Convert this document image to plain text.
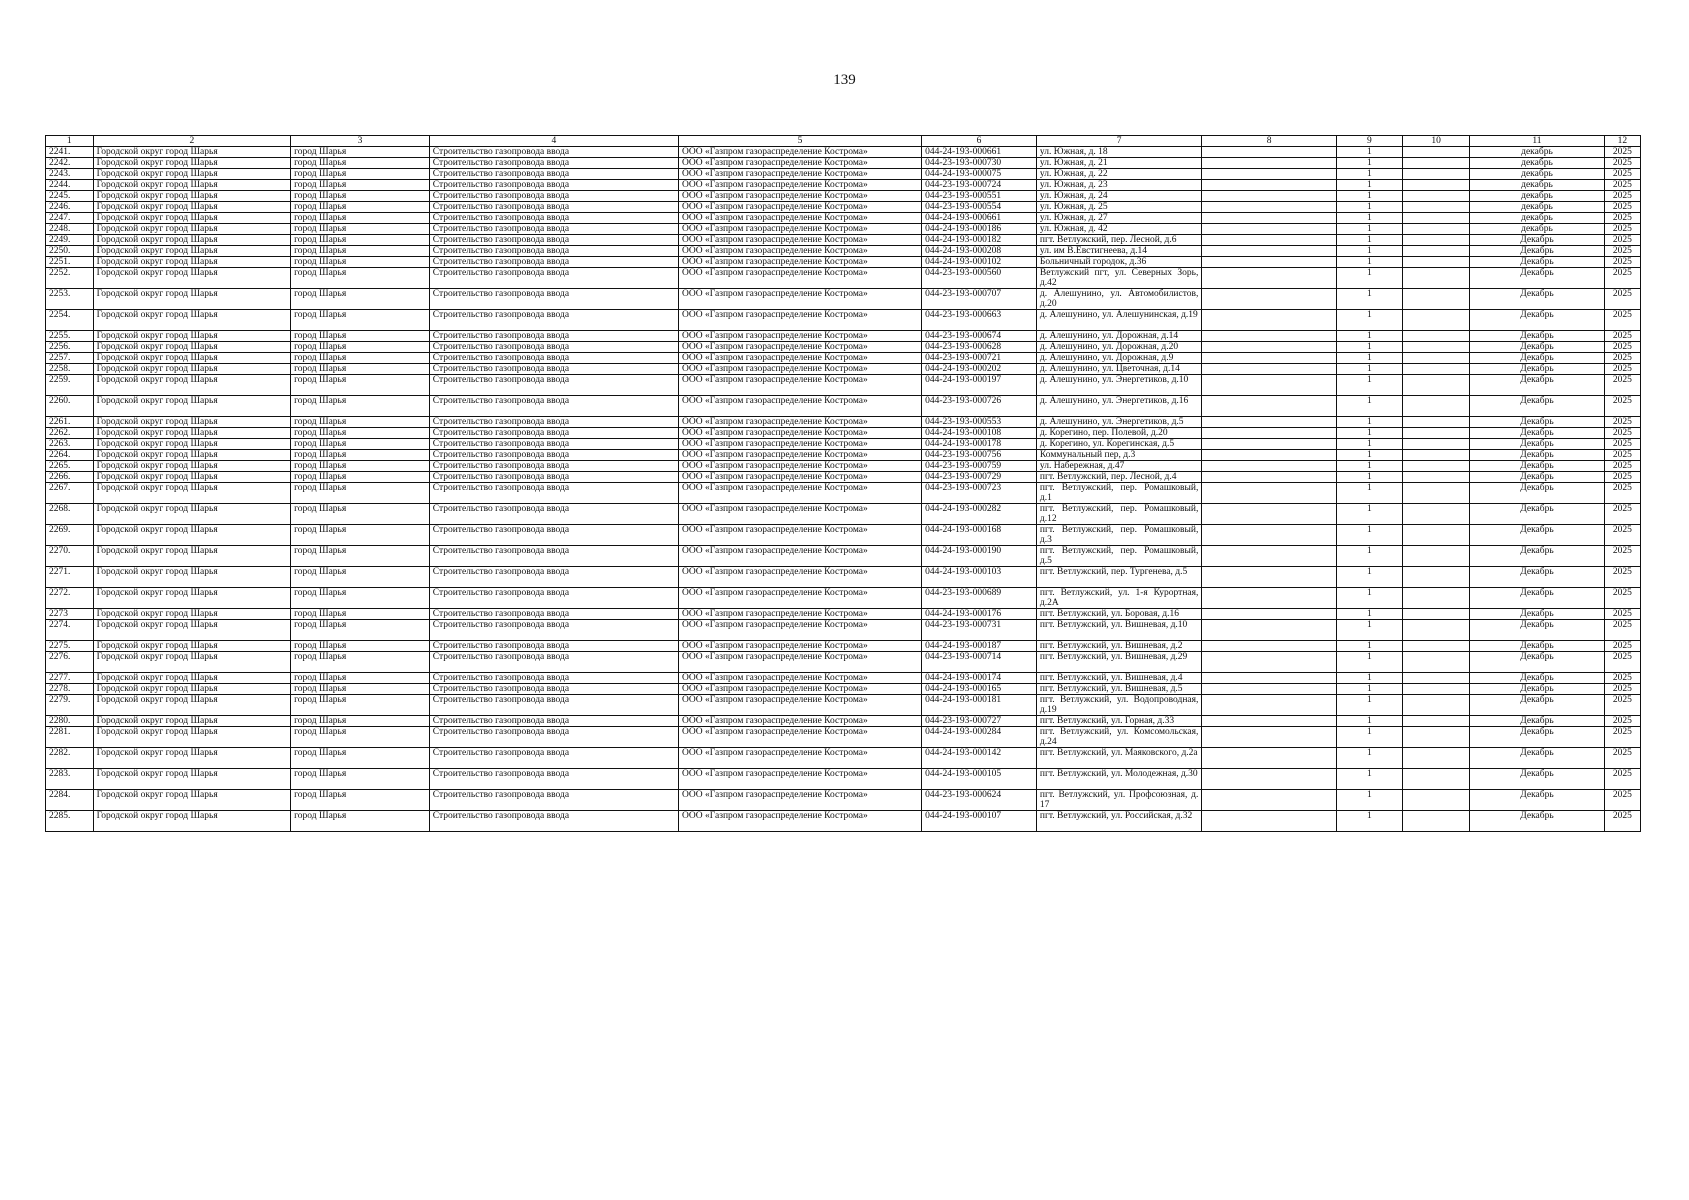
139
1	2	3	4	5	6	7	8	9	10	11	12
2241.	Городской округ город Шарья	город Шарья	Строительство газопровода ввода	ООО «Газпром газораспределение Кострома»	044-24-193-000661	ул. Южная, д. 18		1		декабрь	2025
2242.	Городской округ город Шарья	город Шарья	Строительство газопровода ввода	ООО «Газпром газораспределение Кострома»	044-23-193-000730	ул. Южная, д. 21		1		декабрь	2025
2243.	Городской округ город Шарья	город Шарья	Строительство газопровода ввода	ООО «Газпром газораспределение Кострома»	044-24-193-000075	ул. Южная, д. 22		1		декабрь	2025
2244.	Городской округ город Шарья	город Шарья	Строительство газопровода ввода	ООО «Газпром газораспределение Кострома»	044-23-193-000724	ул. Южная, д. 23		1		декабрь	2025
2245.	Городской округ город Шарья	город Шарья	Строительство газопровода ввода	ООО «Газпром газораспределение Кострома»	044-23-193-000551	ул. Южная, д. 24		1		декабрь	2025
2246.	Городской округ город Шарья	город Шарья	Строительство газопровода ввода	ООО «Газпром газораспределение Кострома»	044-23-193-000554	ул. Южная, д. 25		1		декабрь	2025
2247.	Городской округ город Шарья	город Шарья	Строительство газопровода ввода	ООО «Газпром газораспределение Кострома»	044-24-193-000661	ул. Южная, д. 27		1		декабрь	2025
2248.	Городской округ город Шарья	город Шарья	Строительство газопровода ввода	ООО «Газпром газораспределение Кострома»	044-24-193-000186	ул. Южная, д. 42		1		декабрь	2025
2249.	Городской округ город Шарья	город Шарья	Строительство газопровода ввода	ООО «Газпром газораспределение Кострома»	044-24-193-000182	пгт. Ветлужский, пер. Лесной, д.6		1		Декабрь	2025
2250.	Городской округ город Шарья	город Шарья	Строительство газопровода ввода	ООО «Газпром газораспределение Кострома»	044-24-193-000208	ул. им В.Евстигнеева, д.14		1		Декабрь	2025
2251.	Городской округ город Шарья	город Шарья	Строительство газопровода ввода	ООО «Газпром газораспределение Кострома»	044-24-193-000102	Больничный городок, д.36		1		Декабрь	2025
2252.	Городской округ город Шарья	город Шарья	Строительство газопровода ввода	ООО «Газпром газораспределение Кострома»	044-23-193-000560	Ветлужский пгт, ул. Северных Зорь, д.42		1		Декабрь	2025
2253.	Городской округ город Шарья	город Шарья	Строительство газопровода ввода	ООО «Газпром газораспределение Кострома»	044-23-193-000707	д. Алешунино, ул. Автомобилистов, д.20		1		Декабрь	2025
2254.	Городской округ город Шарья	город Шарья	Строительство газопровода ввода	ООО «Газпром газораспределение Кострома»	044-23-193-000663	д. Алешунино, ул. Алешунинская, д.19		1		Декабрь	2025
2255.	Городской округ город Шарья	город Шарья	Строительство газопровода ввода	ООО «Газпром газораспределение Кострома»	044-23-193-000674	д. Алешунино, ул. Дорожная, д.14		1		Декабрь	2025
2256.	Городской округ город Шарья	город Шарья	Строительство газопровода ввода	ООО «Газпром газораспределение Кострома»	044-23-193-000628	д. Алешунино, ул. Дорожная, д.20		1		Декабрь	2025
2257.	Городской округ город Шарья	город Шарья	Строительство газопровода ввода	ООО «Газпром газораспределение Кострома»	044-23-193-000721	д. Алешунино, ул. Дорожная, д.9		1		Декабрь	2025
2258.	Городской округ город Шарья	город Шарья	Строительство газопровода ввода	ООО «Газпром газораспределение Кострома»	044-24-193-000202	д. Алешунино, ул. Цветочная, д.14		1		Декабрь	2025
2259.	Городской округ город Шарья	город Шарья	Строительство газопровода ввода	ООО «Газпром газораспределение Кострома»	044-24-193-000197	д. Алешунино, ул. Энергетиков, д.10		1		Декабрь	2025
2260.	Городской округ город Шарья	город Шарья	Строительство газопровода ввода	ООО «Газпром газораспределение Кострома»	044-23-193-000726	д. Алешунино, ул. Энергетиков, д.16		1		Декабрь	2025
2261.	Городской округ город Шарья	город Шарья	Строительство газопровода ввода	ООО «Газпром газораспределение Кострома»	044-23-193-000553	д. Алешунино, ул. Энергетиков, д.5		1		Декабрь	2025
2262.	Городской округ город Шарья	город Шарья	Строительство газопровода ввода	ООО «Газпром газораспределение Кострома»	044-24-193-000108	д. Корегино, пер. Полевой, д.20		1		Декабрь	2025
2263.	Городской округ город Шарья	город Шарья	Строительство газопровода ввода	ООО «Газпром газораспределение Кострома»	044-24-193-000178	д. Корегино, ул. Корегинская, д.5		1		Декабрь	2025
2264.	Городской округ город Шарья	город Шарья	Строительство газопровода ввода	ООО «Газпром газораспределение Кострома»	044-23-193-000756	Коммунальный пер, д.3		1		Декабрь	2025
2265.	Городской округ город Шарья	город Шарья	Строительство газопровода ввода	ООО «Газпром газораспределение Кострома»	044-23-193-000759	ул. Набережная, д.47		1		Декабрь	2025
2266.	Городской округ город Шарья	город Шарья	Строительство газопровода ввода	ООО «Газпром газораспределение Кострома»	044-23-193-000729	пгт. Ветлужский, пер. Лесной, д.4		1		Декабрь	2025
2267.	Городской округ город Шарья	город Шарья	Строительство газопровода ввода	ООО «Газпром газораспределение Кострома»	044-23-193-000723	пгт. Ветлужский, пер. Ромашковый, д.1		1		Декабрь	2025
2268.	Городской округ город Шарья	город Шарья	Строительство газопровода ввода	ООО «Газпром газораспределение Кострома»	044-24-193-000282	пгт. Ветлужский, пер. Ромашковый, д.12		1		Декабрь	2025
2269.	Городской округ город Шарья	город Шарья	Строительство газопровода ввода	ООО «Газпром газораспределение Кострома»	044-24-193-000168	пгт. Ветлужский, пер. Ромашковый, д.3		1		Декабрь	2025
2270.	Городской округ город Шарья	город Шарья	Строительство газопровода ввода	ООО «Газпром газораспределение Кострома»	044-24-193-000190	пгт. Ветлужский, пер. Ромашковый, д.5		1		Декабрь	2025
2271.	Городской округ город Шарья	город Шарья	Строительство газопровода ввода	ООО «Газпром газораспределение Кострома»	044-24-193-000103	пгт. Ветлужский, пер. Тургенева, д.5		1		Декабрь	2025
2272.	Городской округ город Шарья	город Шарья	Строительство газопровода ввода	ООО «Газпром газораспределение Кострома»	044-23-193-000689	пгт. Ветлужский, ул. 1-я Курортная, д.2А		1		Декабрь	2025
2273	Городской округ город Шарья	город Шарья	Строительство газопровода ввода	ООО «Газпром газораспределение Кострома»	044-24-193-000176	пгт. Ветлужский, ул. Боровая, д.16		1		Декабрь	2025
2274.	Городской округ город Шарья	город Шарья	Строительство газопровода ввода	ООО «Газпром газораспределение Кострома»	044-23-193-000731	пгт. Ветлужский, ул. Вишневая, д.10		1		Декабрь	2025
2275.	Городской округ город Шарья	город Шарья	Строительство газопровода ввода	ООО «Газпром газораспределение Кострома»	044-24-193-000187	пгт. Ветлужский, ул. Вишневая, д.2		1		Декабрь	2025
2276.	Городской округ город Шарья	город Шарья	Строительство газопровода ввода	ООО «Газпром газораспределение Кострома»	044-23-193-000714	пгт. Ветлужский, ул. Вишневая, д.29		1		Декабрь	2025
2277.	Городской округ город Шарья	город Шарья	Строительство газопровода ввода	ООО «Газпром газораспределение Кострома»	044-24-193-000174	пгт. Ветлужский, ул. Вишневая, д.4		1		Декабрь	2025
2278.	Городской округ город Шарья	город Шарья	Строительство газопровода ввода	ООО «Газпром газораспределение Кострома»	044-24-193-000165	пгт. Ветлужский, ул. Вишневая, д.5		1		Декабрь	2025
2279.	Городской округ город Шарья	город Шарья	Строительство газопровода ввода	ООО «Газпром газораспределение Кострома»	044-24-193-000181	пгт. Ветлужский, ул. Водопроводная, д.19		1		Декабрь	2025
2280.	Городской округ город Шарья	город Шарья	Строительство газопровода ввода	ООО «Газпром газораспределение Кострома»	044-23-193-000727	пгт. Ветлужский, ул. Горная, д.33		1		Декабрь	2025
2281.	Городской округ город Шарья	город Шарья	Строительство газопровода ввода	ООО «Газпром газораспределение Кострома»	044-24-193-000284	пгт. Ветлужский, ул. Комсомольская, д.24		1		Декабрь	2025
2282.	Городской округ город Шарья	город Шарья	Строительство газопровода ввода	ООО «Газпром газораспределение Кострома»	044-24-193-000142	пгт. Ветлужский, ул. Маяковского, д.2а		1		Декабрь	2025
2283.	Городской округ город Шарья	город Шарья	Строительство газопровода ввода	ООО «Газпром газораспределение Кострома»	044-24-193-000105	пгт. Ветлужский, ул. Молодежная, д.30		1		Декабрь	2025
2284.	Городской округ город Шарья	город Шарья	Строительство газопровода ввода	ООО «Газпром газораспределение Кострома»	044-23-193-000624	пгт. Ветлужский, ул. Профсоюзная, д. 17		1		Декабрь	2025
2285.	Городской округ город Шарья	город Шарья	Строительство газопровода ввода	ООО «Газпром газораспределение Кострома»	044-24-193-000107	пгт. Ветлужский, ул. Российская, д.32		1		Декабрь	2025
